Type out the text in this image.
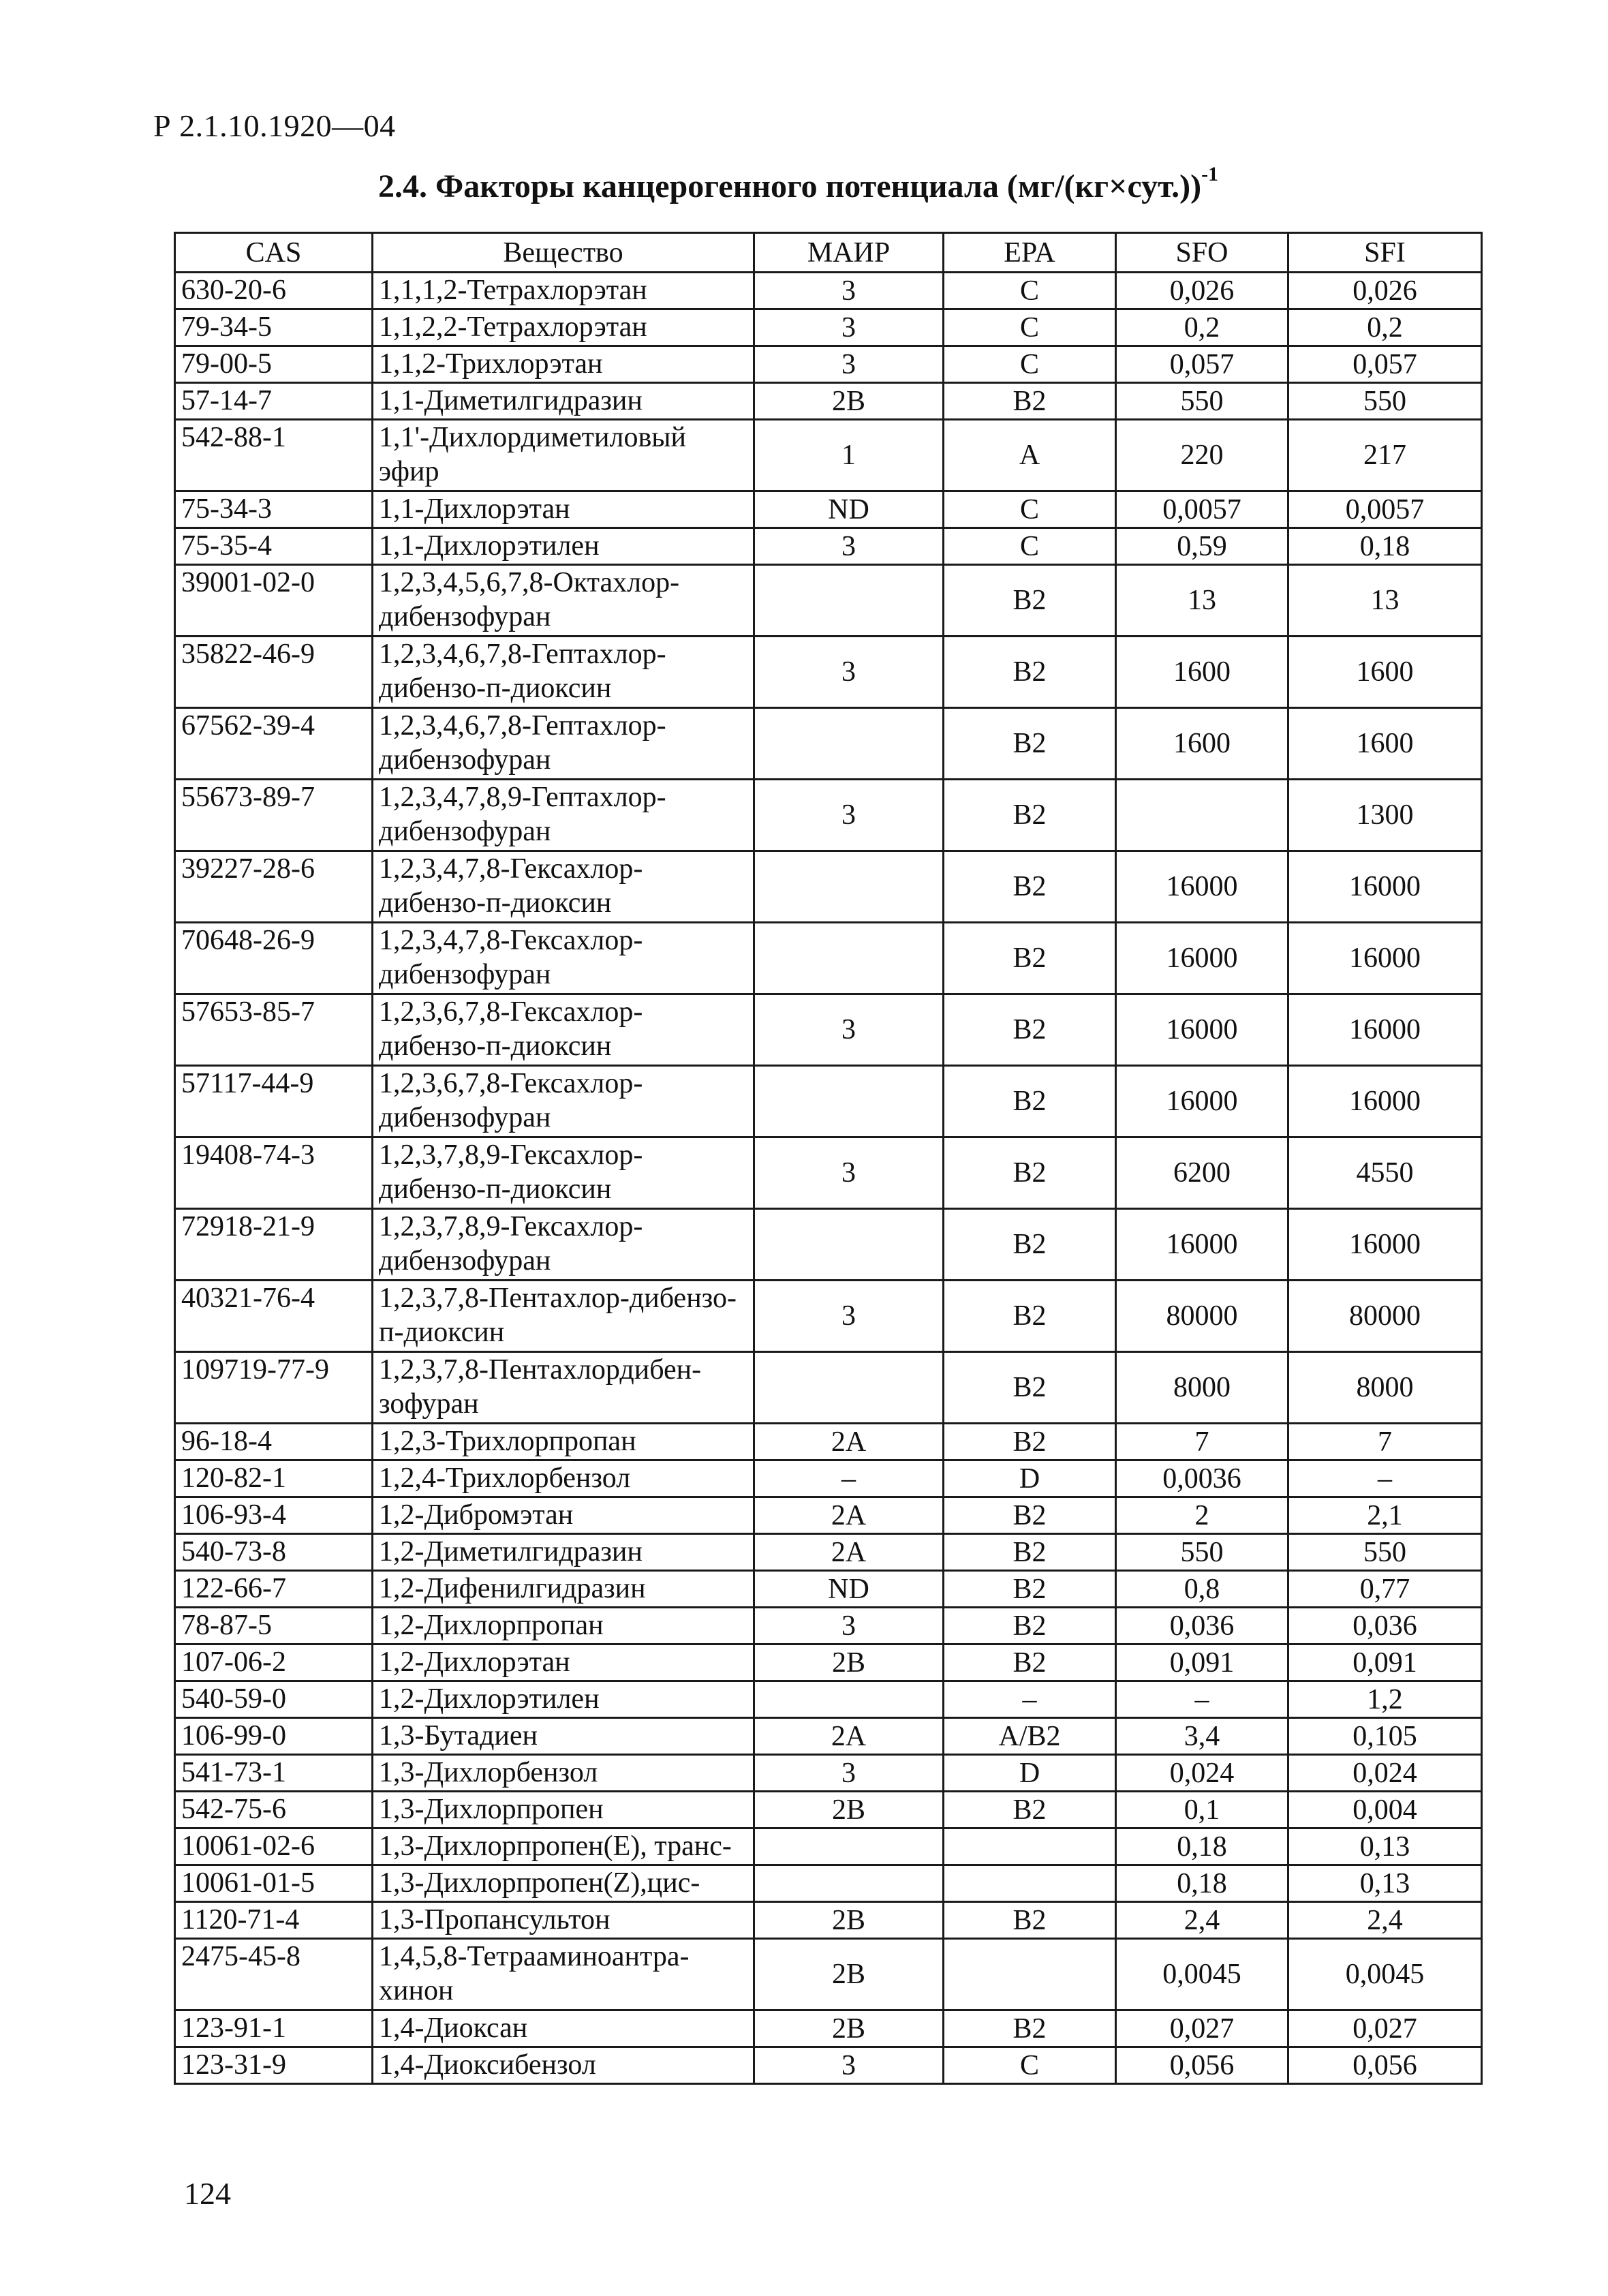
Р 2.1.10.1920—04
2.4. Факторы канцерогенного потенциала $(мг/(кг\times сут.))^{-1}$
CAS	Вещество	МАИР	EPA	SFO	SFI
630-20-6	1,1,1,2-Тетрахлорэтан	3	C	0,026	0,026
79-34-5	1,1,2,2-Тетрахлорэтан	3	C	0,2	0,2
79-00-5	1,1,2-Трихлорэтан	3	C	0,057	0,057
57-14-7	1,1-Диметилгидразин	2B	B2	550	550
542-88-1	1,1'-Дихлордиметиловый эфир	1	A	220	217
75-34-3	1,1-Дихлорэтан	ND	C	0,0057	0,0057
75-35-4	1,1-Дихлорэтилен	3	C	0,59	0,18
39001-02-0	1,2,3,4,5,6,7,8-Октахлор-дибензофуран		B2	13	13
35822-46-9	1,2,3,4,6,7,8-Гептахлор-дибензо-п-диоксин	3	B2	1600	1600
67562-39-4	1,2,3,4,6,7,8-Гептахлор-дибензофуран		B2	1600	1600
55673-89-7	1,2,3,4,7,8,9-Гептахлор-дибензофуран	3	B2		1300
39227-28-6	1,2,3,4,7,8-Гексахлор-дибензо-п-диоксин		B2	16000	16000
70648-26-9	1,2,3,4,7,8-Гексахлор-дибензофуран		B2	16000	16000
57653-85-7	1,2,3,6,7,8-Гексахлор-дибензо-п-диоксин	3	B2	16000	16000
57117-44-9	1,2,3,6,7,8-Гексахлор-дибензофуран		B2	16000	16000
19408-74-3	1,2,3,7,8,9-Гексахлор-дибензо-п-диоксин	3	B2	6200	4550
72918-21-9	1,2,3,7,8,9-Гексахлор-дибензофуран		B2	16000	16000
40321-76-4	1,2,3,7,8-Пентахлор-дибензо-п-диоксин	3	B2	80000	80000
109719-77-9	1,2,3,7,8-Пентахлордибен-зофуран		B2	8000	8000
96-18-4	1,2,3-Трихлорпропан	2A	B2	7	7
120-82-1	1,2,4-Трихлорбензол	–	D	0,0036	–
106-93-4	1,2-Дибромэтан	2A	B2	2	2,1
540-73-8	1,2-Диметилгидразин	2A	B2	550	550
122-66-7	1,2-Дифенилгидразин	ND	B2	0,8	0,77
78-87-5	1,2-Дихлорпропан	3	B2	0,036	0,036
107-06-2	1,2-Дихлорэтан	2B	B2	0,091	0,091
540-59-0	1,2-Дихлорэтилен		–	–	1,2
106-99-0	1,3-Бутадиен	2A	A/B2	3,4	0,105
541-73-1	1,3-Дихлорбензол	3	D	0,024	0,024
542-75-6	1,3-Дихлорпропен	2B	B2	0,1	0,004
10061-02-6	1,3-Дихлорпропен(E), транс-			0,18	0,13
10061-01-5	1,3-Дихлорпропен(Z),цис-			0,18	0,13
1120-71-4	1,3-Пропансультон	2B	B2	2,4	2,4
2475-45-8	1,4,5,8-Тетрааминоантра-хинон	2B		0,0045	0,0045
123-91-1	1,4-Диоксан	2B	B2	0,027	0,027
123-31-9	1,4-Диоксибензол	3	C	0,056	0,056
124
